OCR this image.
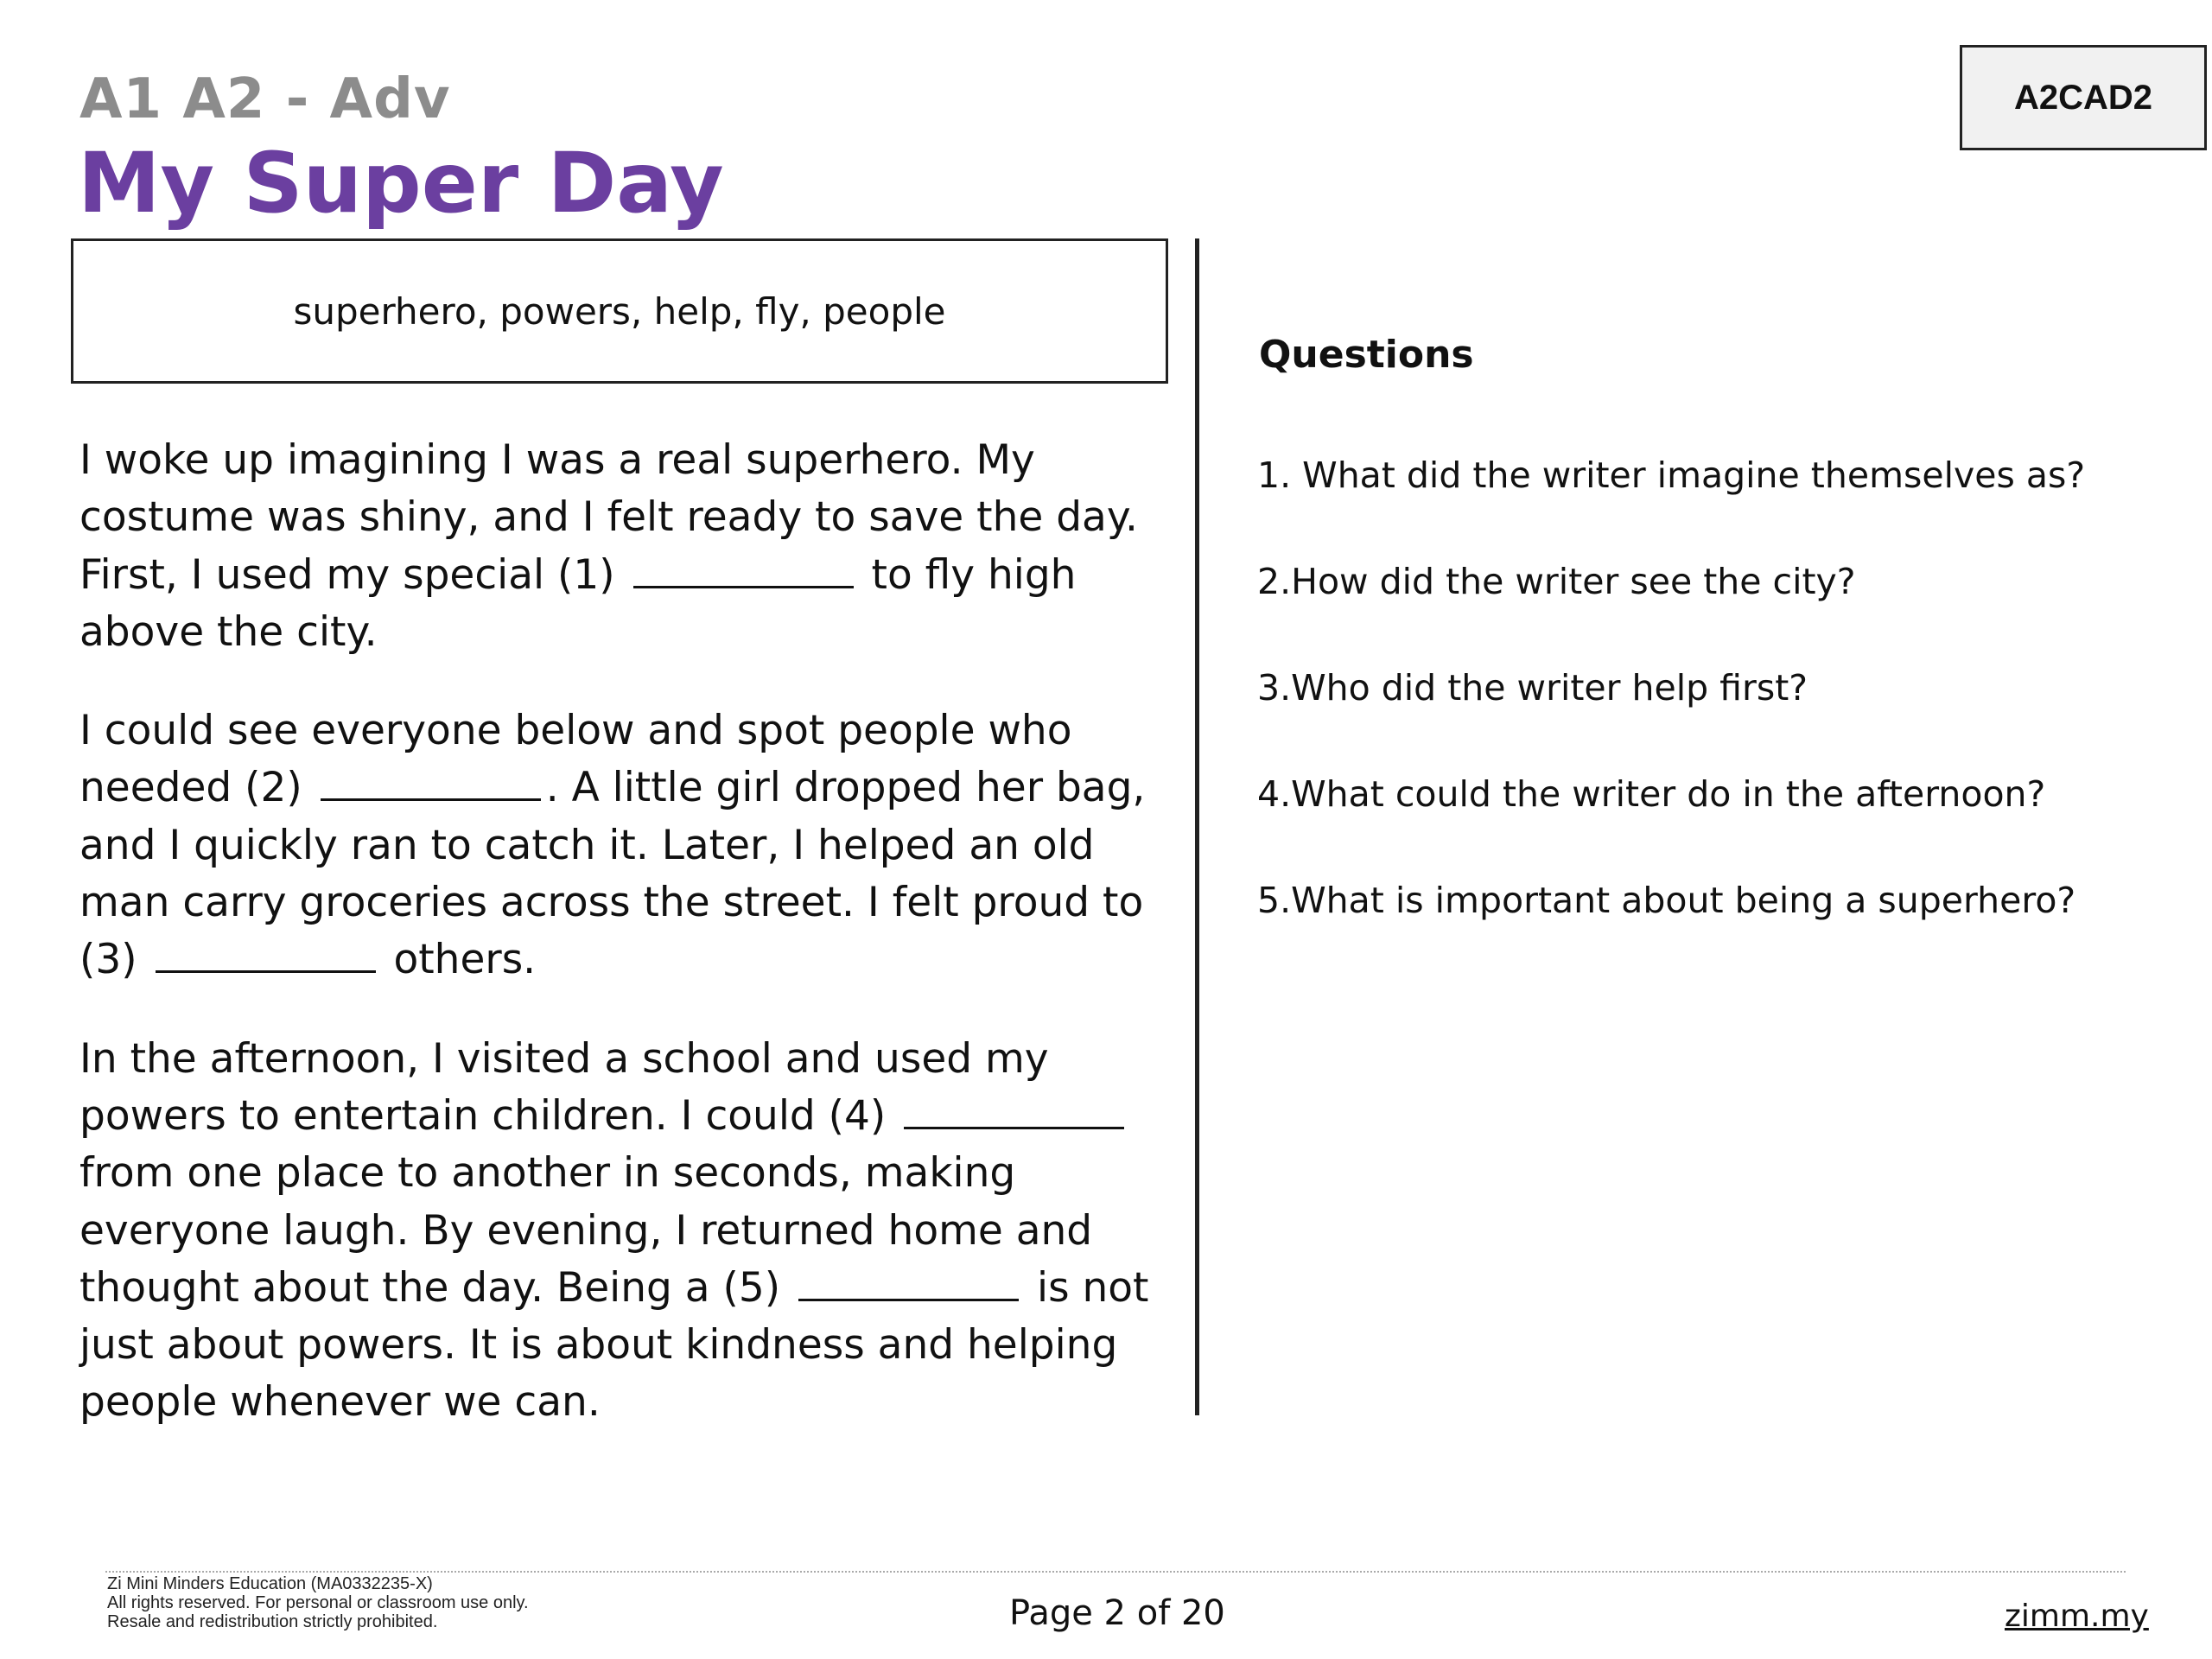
A1 A2 - Adv
My Super Day
A2CAD2
superhero, powers, help, fly, people

I woke up imagining I was a real superhero. My costume was shiny, and I felt ready to save the day. First, I used my special (1)	to fly high above the city.

I could see everyone below and spot people who needed (2)	. A little girl dropped her bag, and I quickly ran to catch it. Later, I helped an old man carry groceries across the street. I felt proud to (3)	others.

In the afternoon, I visited a school and used my powers to entertain children. I could (4)  from one place to another in seconds, making everyone laugh. By evening, I returned home and thought about the day. Being a (5)	is not just about powers. It is about kindness and helping people whenever we can.

Questions
1. What did the writer imagine themselves as?
2.How did the writer see the city?
3.Who did the writer help first?
4.What could the writer do in the afternoon?
5.What is important about being a superhero?
Zi Mini Minders Education (MA0332235-X)
All rights reserved. For personal or classroom use only.
Resale and redistribution strictly prohibited.	Page 2 of 20	zimm.my
